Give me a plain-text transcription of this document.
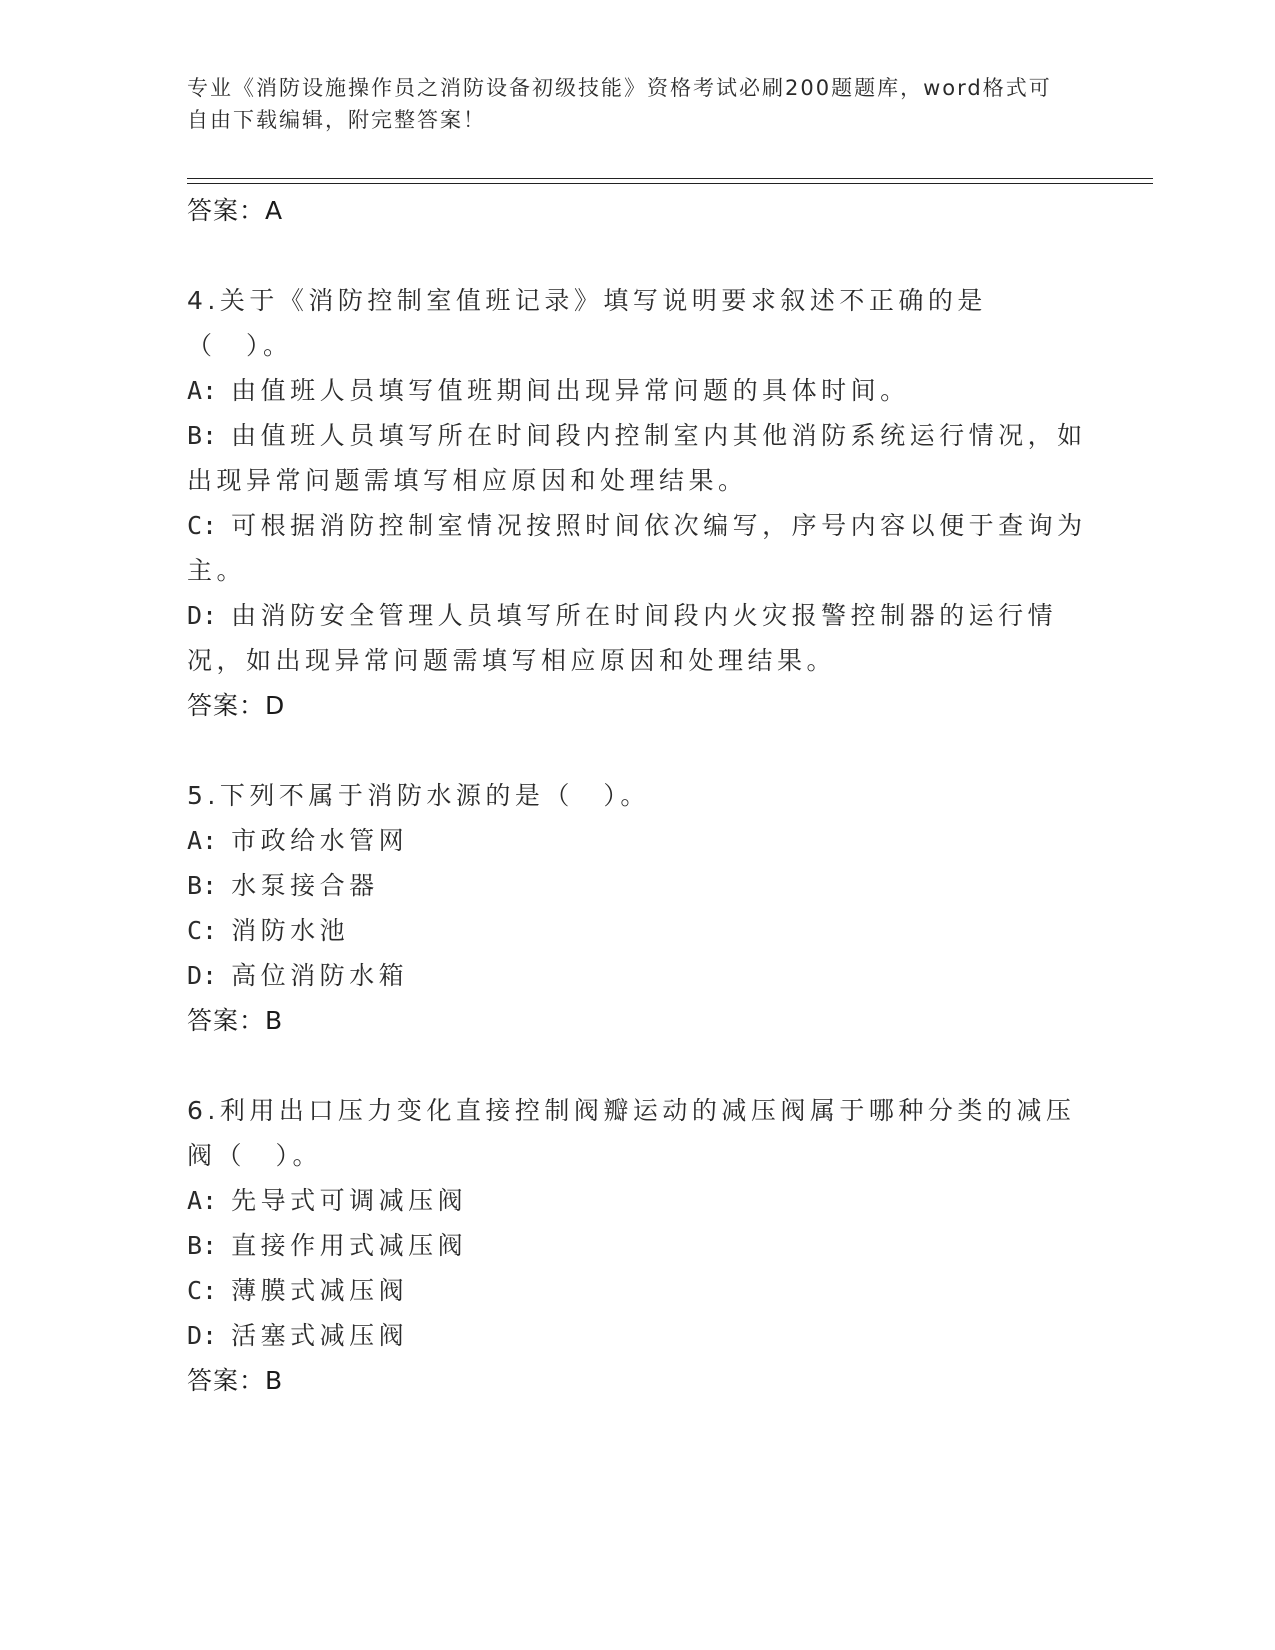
专业《消防设施操作员之消防设备初级技能》资格考试必刷200题题库，word格式可自由下载编辑，附完整答案！
答案：A
4.关于《消防控制室值班记录》填写说明要求叙述不正确的是（　）。
A: 由值班人员填写值班期间出现异常问题的具体时间。
B: 由值班人员填写所在时间段内控制室内其他消防系统运行情况，如出现异常问题需填写相应原因和处理结果。
C: 可根据消防控制室情况按照时间依次编写，序号内容以便于查询为主。
D: 由消防安全管理人员填写所在时间段内火灾报警控制器的运行情况，如出现异常问题需填写相应原因和处理结果。
答案：D
5.下列不属于消防水源的是（　）。
A: 市政给水管网
B: 水泵接合器
C: 消防水池
D: 高位消防水箱
答案：B
6.利用出口压力变化直接控制阀瓣运动的减压阀属于哪种分类的减压阀（　）。
A: 先导式可调减压阀
B: 直接作用式减压阀
C: 薄膜式减压阀
D: 活塞式减压阀
答案：B
